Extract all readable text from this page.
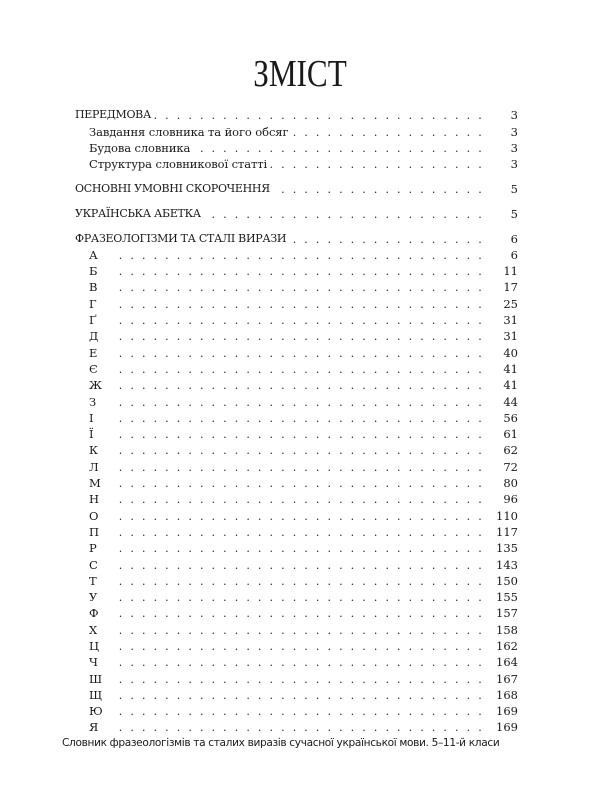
ЗМІСТ
ПЕРЕДМОВА . . .	3
Завдання словника та його обсяг . . .	3
Будова словника . . .	3
Структура словникової статті . . .	3
ОСНОВНІ УМОВНІ СКОРОЧЕННЯ . . .	5
УКРАЇНСЬКА АБЕТКА . . .	5
ФРАЗЕОЛОГІЗМИ ТА СТАЛІ ВИРАЗИ . . .	6
А . . .	6
Б . . .	11
В . . .	17
Г . . .	25
Ґ . . .	31
Д . . .	31
Е . . .	40
Є . . .	41
Ж . . .	41
З . . .	44
І . . .	56
Ї . . .	61
К . . .	62
Л . . .	72
М . . .	80
Н . . .	96
О . . .	110
П . . .	117
Р . . .	135
С . . .	143
Т . . .	150
У . . .	155
Ф . . .	157
Х . . .	158
Ц . . .	162
Ч . . .	164
Ш . . .	167
Щ . . .	168
Ю . . .	169
Я . . .	169
Словник фразеологізмів та сталих виразів сучасної української мови. 5–11-й класи
